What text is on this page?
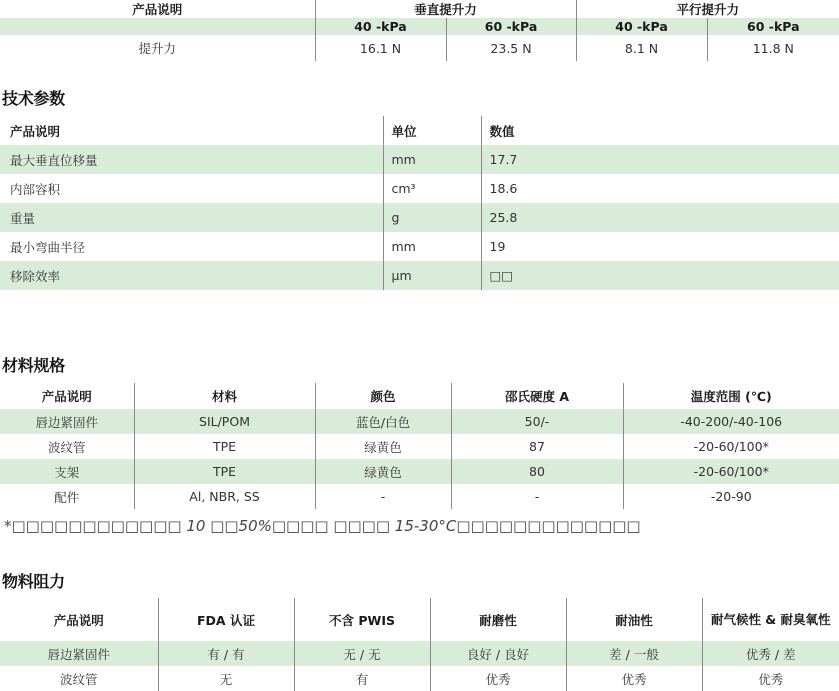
产品说明	垂直提升力		平行提升力	
	40 -kPa	60 -kPa	40 -kPa	60 -kPa
提升力	16.1 N	23.5 N	8.1 N	11.8 N
技术参数
产品说明	单位	数值
最大垂直位移量	mm	17.7
内部容积	cm³	18.6
重量	g	25.8
最小弯曲半径	mm	19
移除效率	μm	□□
材料规格
产品说明	材料	颜色	邵氏硬度 A	温度范围 (℃)
唇边紧固件	SIL/POM	蓝色/白色	50/-	-40-200/-40-106
波纹管	TPE	绿黄色	87	-20-60/100*
支架	TPE	绿黄色	80	-20-60/100*
配件	Al, NBR, SS	-	-	-20-90
*□□□□□□□□□□□□ 10 □□50%□□□□ □□□□ 15-30°C□□□□□□□□□□□□□
物料阻力
产品说明	FDA 认证	不含 PWIS	耐磨性	耐油性	耐气候性 & 耐臭氧性
唇边紧固件	有 / 有	无 / 无	良好 / 良好	差 / 一般	优秀 / 差
波纹管	无	有	优秀	优秀	优秀
